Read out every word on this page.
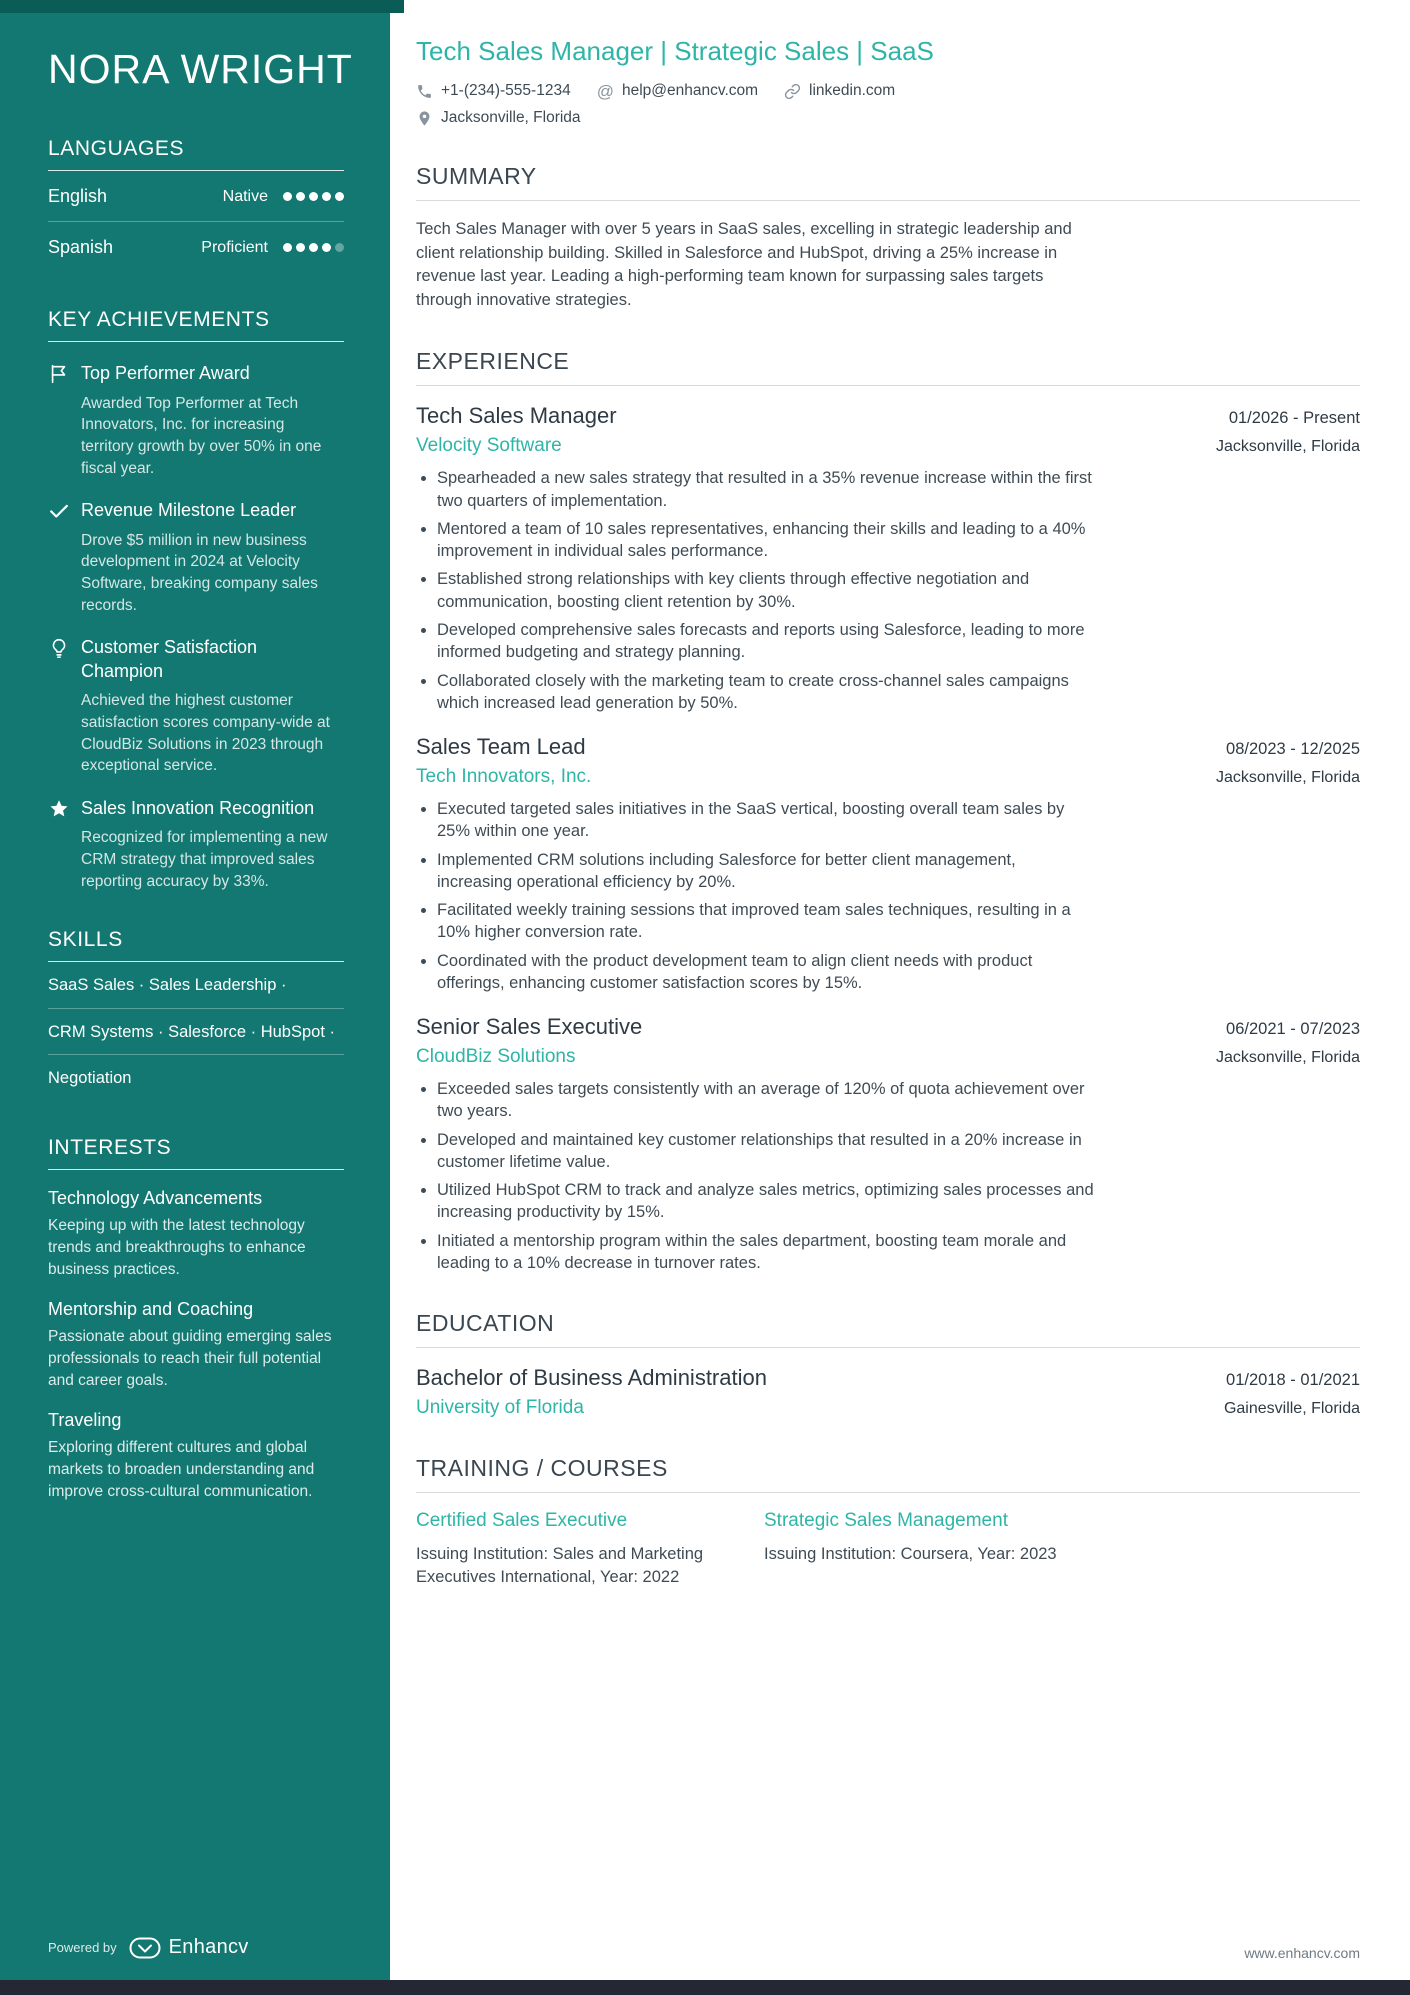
NORA WRIGHT
LANGUAGES
English	Native
Spanish	Proficient
KEY ACHIEVEMENTS
Top Performer Award
Awarded Top Performer at Tech Innovators, Inc. for increasing territory growth by over 50% in one fiscal year.
Revenue Milestone Leader
Drove $5 million in new business development in 2024 at Velocity Software, breaking company sales records.
Customer Satisfaction Champion
Achieved the highest customer satisfaction scores company-wide at CloudBiz Solutions in 2023 through exceptional service.
Sales Innovation Recognition
Recognized for implementing a new CRM strategy that improved sales reporting accuracy by 33%.
SKILLS
SaaS Sales · Sales Leadership ·
CRM Systems · Salesforce · HubSpot ·
Negotiation
INTERESTS
Technology Advancements
Keeping up with the latest technology trends and breakthroughs to enhance business practices.
Mentorship and Coaching
Passionate about guiding emerging sales professionals to reach their full potential and career goals.
Traveling
Exploring different cultures and global markets to broaden understanding and improve cross-cultural communication.
Powered by	Enhancv
Tech Sales Manager | Strategic Sales | SaaS
+1-(234)-555-1234 @ help@enhancv.com	linkedin.com
Jacksonville, Florida
SUMMARY

Tech Sales Manager with over 5 years in SaaS sales, excelling in strategic leadership and client relationship building. Skilled in Salesforce and HubSpot, driving a 25% increase in revenue last year. Leading a high-performing team known for surpassing sales targets through innovative strategies.

EXPERIENCE
Tech Sales Manager	01/2026 - Present
Velocity Software	Jacksonville, Florida
• Spearheaded a new sales strategy that resulted in a 35% revenue increase within the first two quarters of implementation.
• Mentored a team of 10 sales representatives, enhancing their skills and leading to a 40% improvement in individual sales performance.
• Established strong relationships with key clients through effective negotiation and communication, boosting client retention by 30%.
• Developed comprehensive sales forecasts and reports using Salesforce, leading to more informed budgeting and strategy planning.
• Collaborated closely with the marketing team to create cross-channel sales campaigns which increased lead generation by 50%.
Sales Team Lead	08/2023 - 12/2025
Tech Innovators, Inc.	Jacksonville, Florida
• Executed targeted sales initiatives in the SaaS vertical, boosting overall team sales by 25% within one year.
• Implemented CRM solutions including Salesforce for better client management, increasing operational efficiency by 20%.
• Facilitated weekly training sessions that improved team sales techniques, resulting in a 10% higher conversion rate.
• Coordinated with the product development team to align client needs with product offerings, enhancing customer satisfaction scores by 15%.
Senior Sales Executive	06/2021 - 07/2023
CloudBiz Solutions	Jacksonville, Florida
• Exceeded sales targets consistently with an average of 120% of quota achievement over two years.
• Developed and maintained key customer relationships that resulted in a 20% increase in customer lifetime value.
• Utilized HubSpot CRM to track and analyze sales metrics, optimizing sales processes and increasing productivity by 15%.
• Initiated a mentorship program within the sales department, boosting team morale and leading to a 10% decrease in turnover rates.
EDUCATION
Bachelor of Business Administration	01/2018 - 01/2021
University of Florida	Gainesville, Florida
TRAINING / COURSES
Certified Sales Executive
Issuing Institution: Sales and Marketing Executives International, Year: 2022
Strategic Sales Management
Issuing Institution: Coursera, Year: 2023
www.enhancv.com
